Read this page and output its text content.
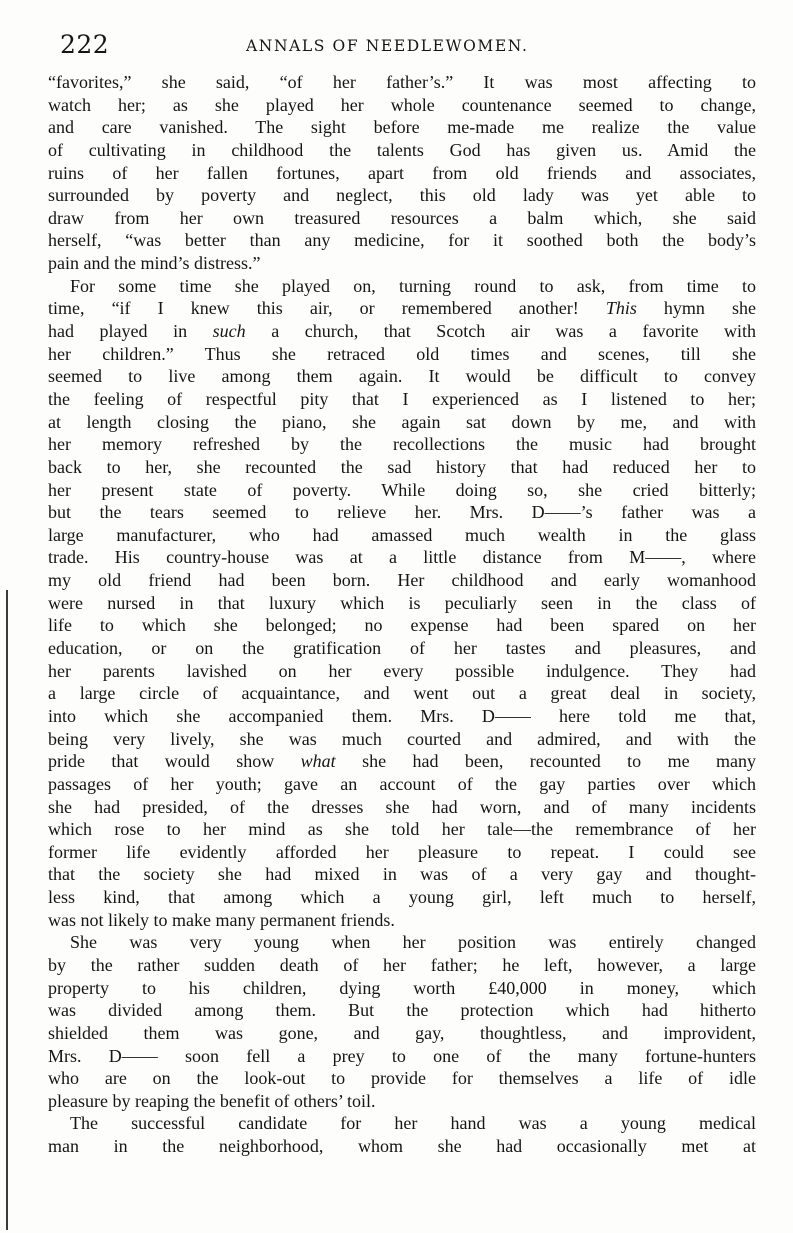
222	ANNALS OF NEEDLEWOMEN.
“favorites,” she said, “of her father’s.” It was most affecting to
watch her; as she played her whole countenance seemed to change,
and care vanished. The sight before me-made me realize the value
of cultivating in childhood the talents God has given us. Amid the
ruins of her fallen fortunes, apart from old friends and associates,
surrounded by poverty and neglect, this old lady was yet able to
draw from her own treasured resources a balm which, she said
herself, “was better than any medicine, for it soothed both the body’s
pain and the mind’s distress.”
For some time she played on, turning round to ask, from time to
time, “if I knew this air, or remembered another! This hymn she
had played in such a church, that Scotch air was a favorite with
her children.” Thus she retraced old times and scenes, till she
seemed to live among them again. It would be difficult to convey
the feeling of respectful pity that I experienced as I listened to her;
at length closing the piano, she again sat down by me, and with
her memory refreshed by the recollections the music had brought
back to her, she recounted the sad history that had reduced her to
her present state of poverty. While doing so, she cried bitterly;
but the tears seemed to relieve her. Mrs. D——’s father was a
large manufacturer, who had amassed much wealth in the glass
trade. His country-house was at a little distance from M——, where
my old friend had been born. Her childhood and early womanhood
were nursed in that luxury which is peculiarly seen in the class of
life to which she belonged; no expense had been spared on her
education, or on the gratification of her tastes and pleasures, and
her parents lavished on her every possible indulgence. They had
a large circle of acquaintance, and went out a great deal in society,
into which she accompanied them. Mrs. D—— here told me that,
being very lively, she was much courted and admired, and with the
pride that would show what she had been, recounted to me many
passages of her youth; gave an account of the gay parties over which
she had presided, of the dresses she had worn, and of many incidents
which rose to her mind as she told her tale—the remembrance of her
former life evidently afforded her pleasure to repeat. I could see
that the society she had mixed in was of a very gay and thought-
less kind, that among which a young girl, left much to herself,
was not likely to make many permanent friends.
She was very young when her position was entirely changed
by the rather sudden death of her father; he left, however, a large
property to his children, dying worth £40,000 in money, which
was divided among them. But the protection which had hitherto
shielded them was gone, and gay, thoughtless, and improvident,
Mrs. D—— soon fell a prey to one of the many fortune-hunters
who are on the look-out to provide for themselves a life of idle
pleasure by reaping the benefit of others’ toil.
The successful candidate for her hand was a young medical
man in the neighborhood, whom she had occasionally met at
